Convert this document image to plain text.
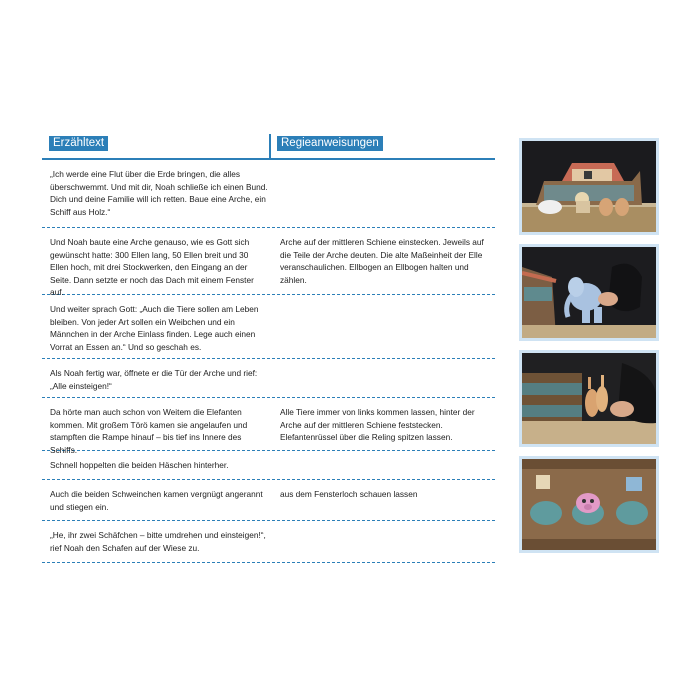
Erzähltext	Regieanweisungen
„Ich werde eine Flut über die Erde bringen, die alles überschwemmt. Und mit dir, Noah schließe ich einen Bund. Dich und deine Familie will ich retten. Baue eine Arche, ein Schiff aus Holz.“
Und Noah baute eine Arche genauso, wie es Gott sich gewünscht hatte: 300 Ellen lang, 50 Ellen breit und 30 Ellen hoch, mit drei Stockwerken, den Eingang an der Seite. Dann setzte er noch das Dach mit einem Fenster auf.
Arche auf der mittleren Schiene einstecken. Jeweils auf die Teile der Arche deuten. Die alte Maßeinheit der Elle veranschaulichen. Ellbogen an Ellbogen halten und zählen.
Und weiter sprach Gott: „Auch die Tiere sollen am Leben bleiben. Von jeder Art sollen ein Weibchen und ein Männchen in der Arche Einlass finden. Lege auch einen Vorrat an Essen an.“ Und so geschah es.
Als Noah fertig war, öffnete er die Tür der Arche und rief: „Alle einsteigen!“
Da hörte man auch schon von Weitem die Elefanten kommen. Mit großem Törö kamen sie angelaufen und stampften die Rampe hinauf – bis tief ins Innere des Schiffs.
Alle Tiere immer von links kommen lassen, hinter der Arche auf der mittleren Schiene feststecken. Elefantenrüssel über die Reling spitzen lassen.
Schnell hoppelten die beiden Häschen hinterher.
Auch die beiden Schweinchen kamen vergnügt angerannt und stiegen ein.
aus dem Fensterloch schauen lassen
„He, ihr zwei Schäfchen – bitte umdrehen und einsteigen!“, rief Noah den Schafen auf der Wiese zu.
